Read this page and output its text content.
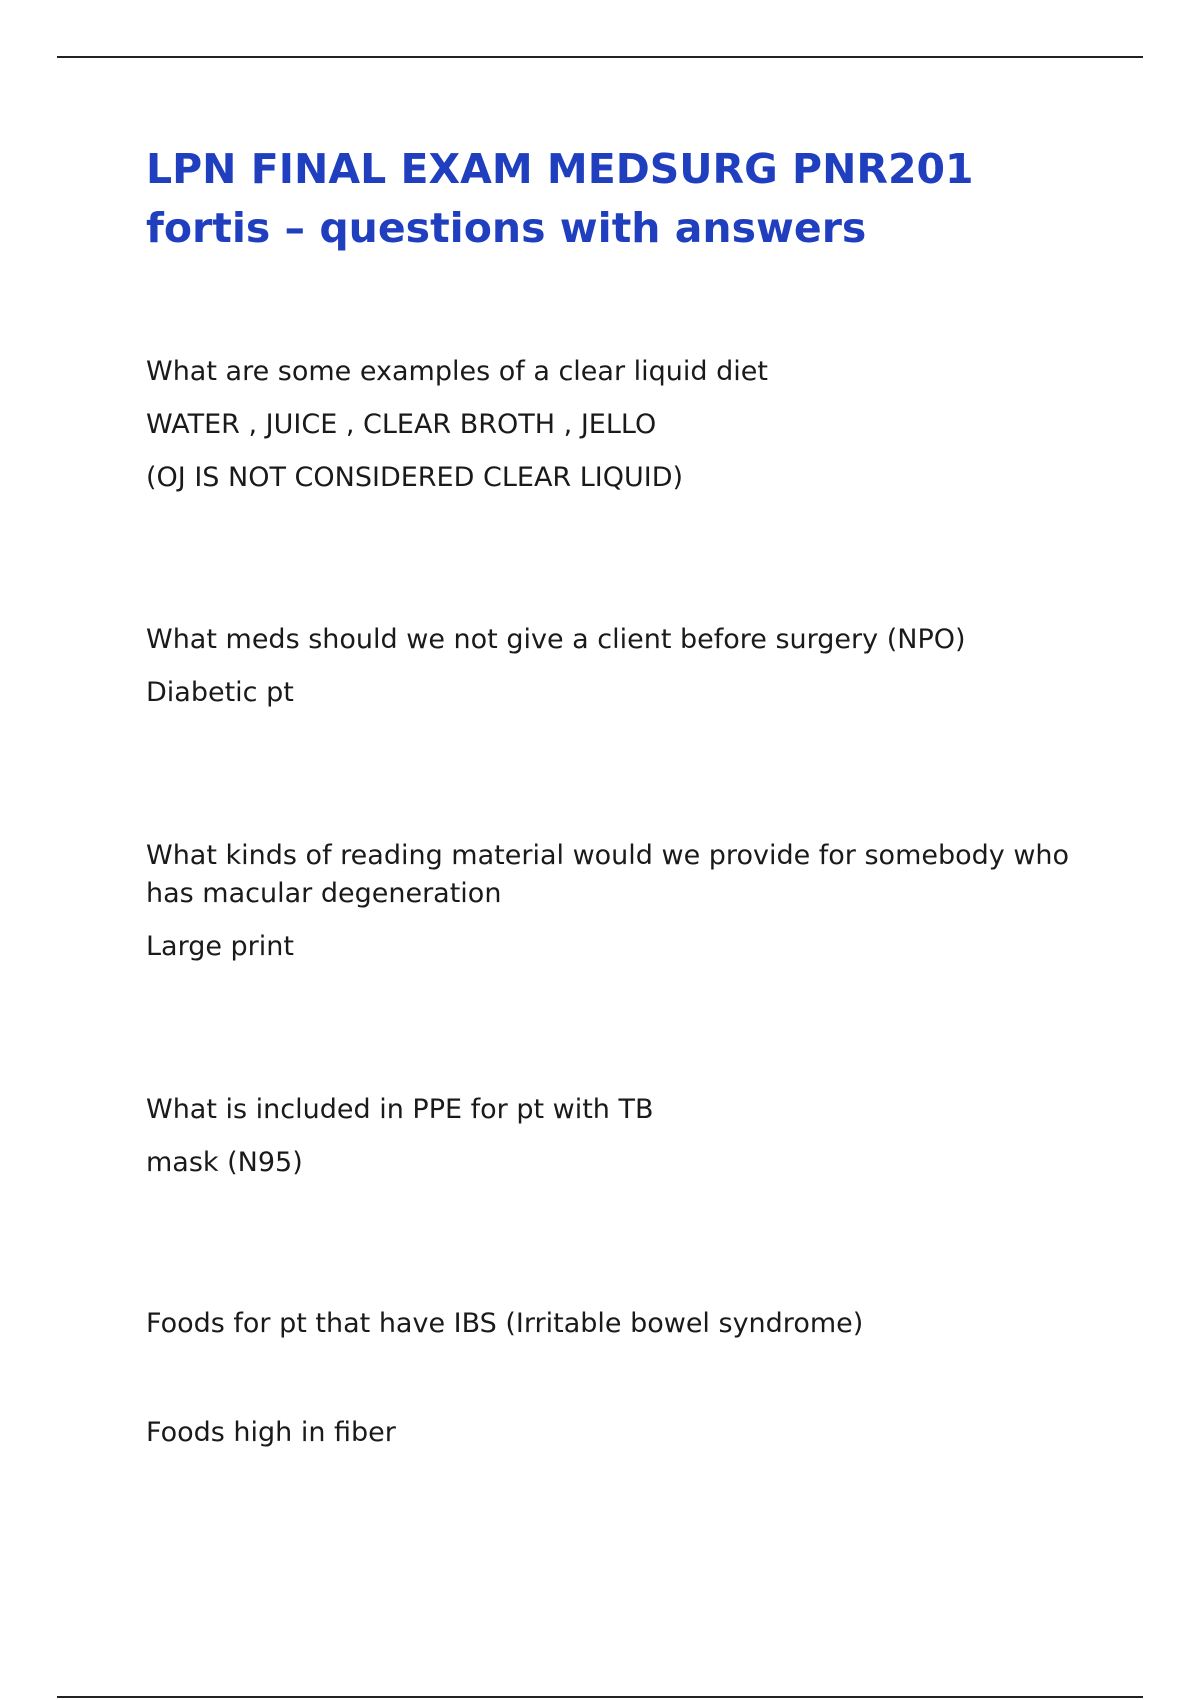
LPN FINAL EXAM MEDSURG PNR201 fortis – questions with answers

What are some examples of a clear liquid diet

WATER , JUICE , CLEAR BROTH , JELLO

(OJ IS NOT CONSIDERED CLEAR LIQUID)

What meds should we not give a client before surgery (NPO)

Diabetic pt

What kinds of reading material would we provide for somebody who has macular degeneration

Large print

What is included in PPE for pt with TB

mask (N95)

Foods for pt that have IBS (Irritable bowel syndrome)

Foods high in fiber
